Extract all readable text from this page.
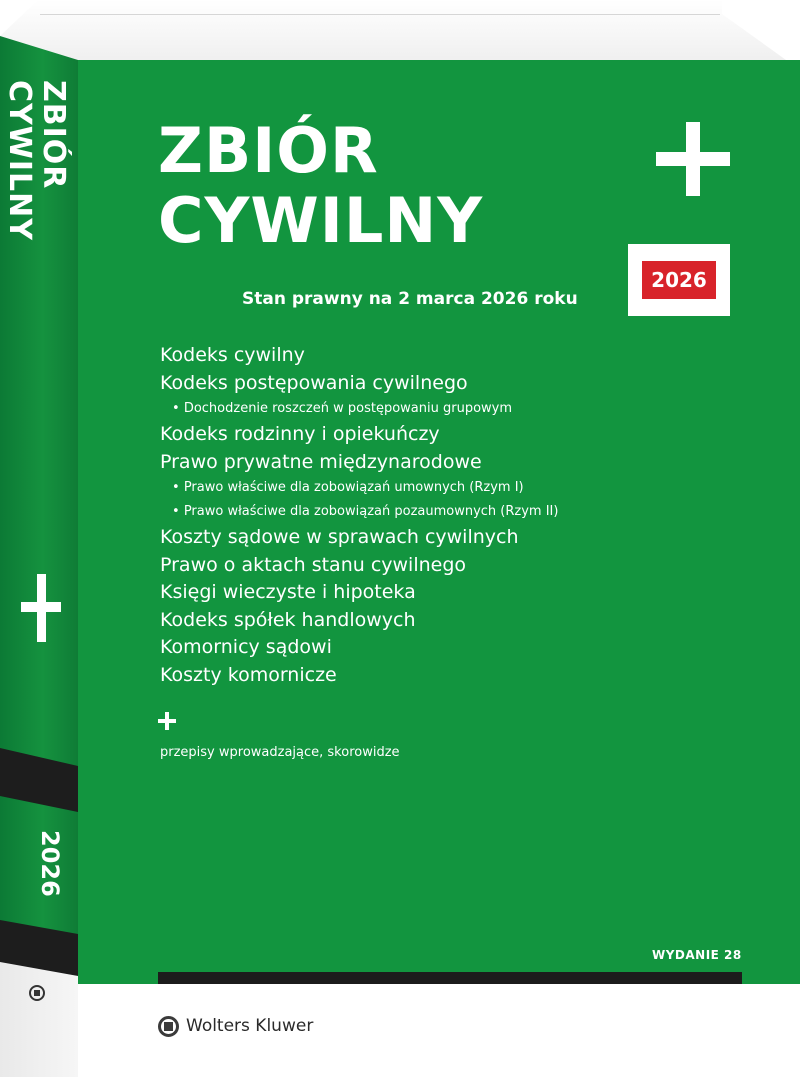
ZBIÓR
CYWILNY
2026
ZBIÓR
CYWILNY
2026

Stan prawny na 2 marca 2026 roku

Kodeks cywilny
Kodeks postępowania cywilnego
• Dochodzenie roszczeń w postępowaniu grupowym
Kodeks rodzinny i opiekuńczy
Prawo prywatne międzynarodowe
• Prawo właściwe dla zobowiązań umownych (Rzym I)
• Prawo właściwe dla zobowiązań pozaumownych (Rzym II)
Koszty sądowe w sprawach cywilnych
Prawo o aktach stanu cywilnego
Księgi wieczyste i hipoteka
Kodeks spółek handlowych
Komornicy sądowi
Koszty komornicze
przepisy wprowadzające, skorowidze
WYDANIE 28
Wolters Kluwer
